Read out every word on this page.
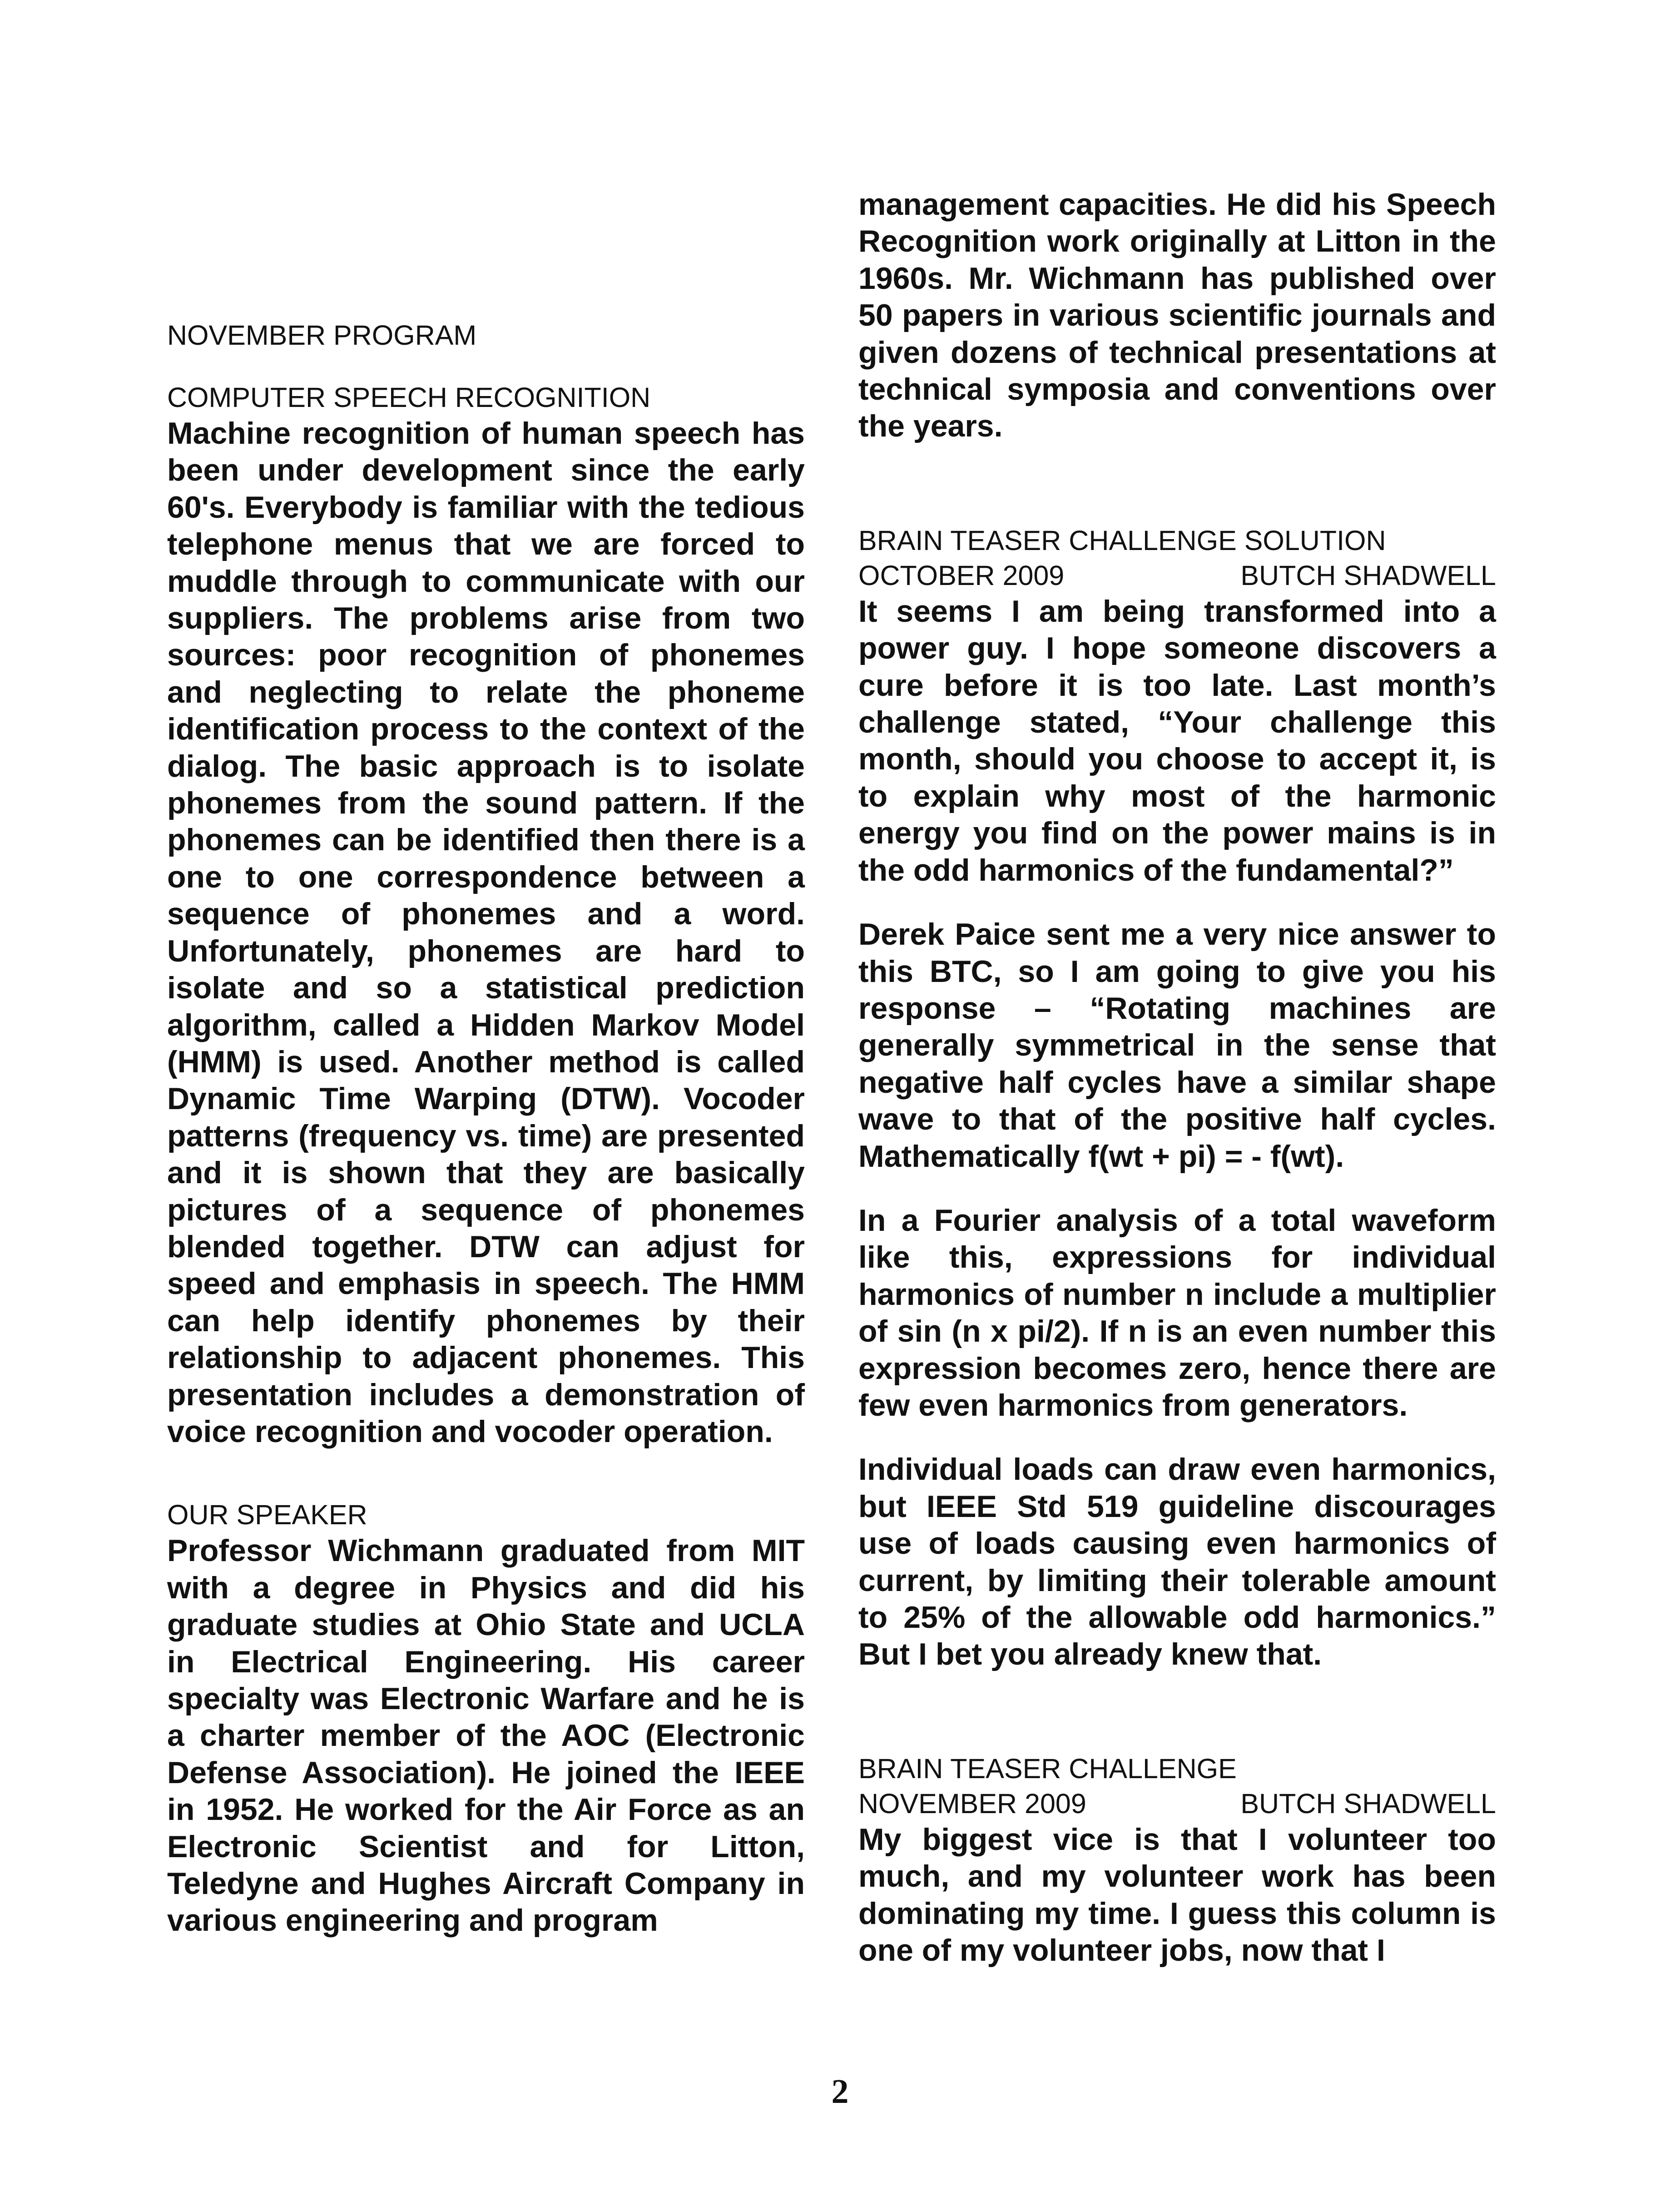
NOVEMBER PROGRAM

COMPUTER SPEECH RECOGNITION

Machine recognition of human speech has been under development since the early 60's. Everybody is familiar with the tedious telephone menus that we are forced to muddle through to communicate with our suppliers. The problems arise from two sources: poor recognition of phonemes and neglecting to relate the phoneme identification process to the context of the dialog. The basic approach is to isolate phonemes from the sound pattern. If the phonemes can be identified then there is a one to one correspondence between a sequence of phonemes and a word. Unfortunately, phonemes are hard to isolate and so a statistical prediction algorithm, called a Hidden Markov Model (HMM) is used. Another method is called Dynamic Time Warping (DTW). Vocoder patterns (frequency vs. time) are presented and it is shown that they are basically pictures of a sequence of phonemes blended together. DTW can adjust for speed and emphasis in speech. The HMM can help identify phonemes by their relationship to adjacent phonemes. This presentation includes a demonstration of voice recognition and vocoder operation.

OUR SPEAKER

Professor Wichmann graduated from MIT with a degree in Physics and did his graduate studies at Ohio State and UCLA in Electrical Engineering. His career specialty was Electronic Warfare and he is a charter member of the AOC (Electronic Defense Association). He joined the IEEE in 1952. He worked for the Air Force as an Electronic Scientist and for Litton, Teledyne and Hughes Aircraft Company in various engineering and program

management capacities. He did his Speech Recognition work originally at Litton in the 1960s. Mr. Wichmann has published over 50 papers in various scientific journals and given dozens of technical presentations at technical symposia and conventions over the years.

BRAIN TEASER CHALLENGE SOLUTION

OCTOBER 2009	BUTCH SHADWELL

It seems I am being transformed into a power guy. I hope someone discovers a cure before it is too late. Last month’s challenge stated, “Your challenge this month, should you choose to accept it, is to explain why most of the harmonic energy you find on the power mains is in the odd harmonics of the fundamental?”

Derek Paice sent me a very nice answer to this BTC, so I am going to give you his response – “Rotating machines are generally symmetrical in the sense that negative half cycles have a similar shape wave to that of the positive half cycles. Mathematically f(wt + pi) = - f(wt).

In a Fourier analysis of a total waveform like this, expressions for individual harmonics of number n include a multiplier of sin (n x pi/2). If n is an even number this expression becomes zero, hence there are few even harmonics from generators.

Individual loads can draw even harmonics, but IEEE Std 519 guideline discourages use of loads causing even harmonics of current, by limiting their tolerable amount to 25% of the allowable odd harmonics.” But I bet you already knew that.

BRAIN TEASER CHALLENGE

NOVEMBER 2009	BUTCH SHADWELL

My biggest vice is that I volunteer too much, and my volunteer work has been dominating my time. I guess this column is one of my volunteer jobs, now that I

2
